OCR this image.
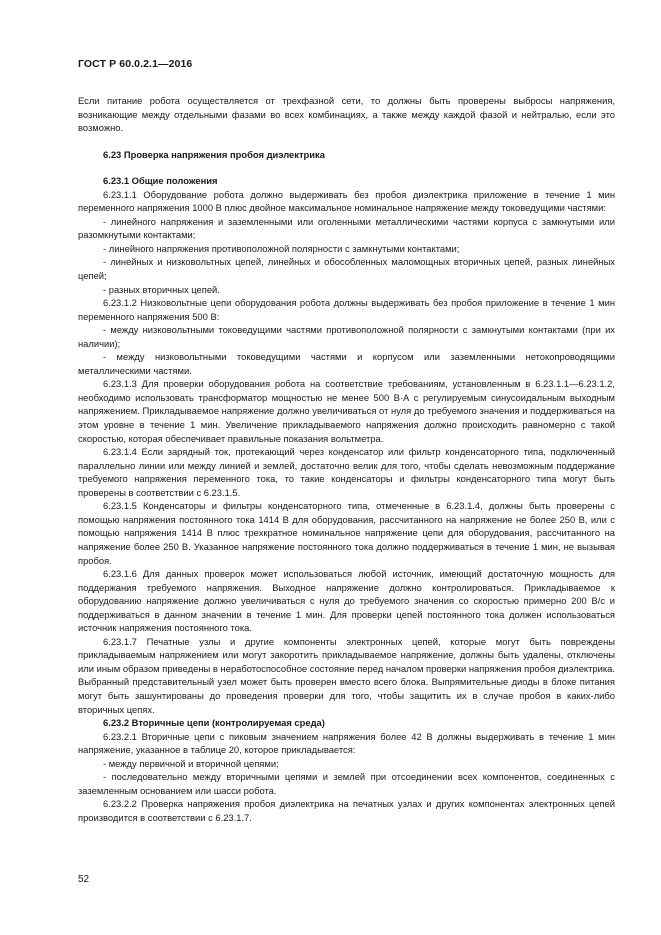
ГОСТ Р 60.0.2.1—2016

Если питание робота осуществляется от трехфазной сети, то должны быть проверены выбросы напряжения, возникающие между отдельными фазами во всех комбинациях, а также между каждой фазой и нейтралью, если это возможно.

6.23 Проверка напряжения пробоя диэлектрика

6.23.1 Общие положения

6.23.1.1 Оборудование робота должно выдерживать без пробоя диэлектрика приложение в течение 1 мин переменного напряжения 1000 В плюс двойное максимальное номинальное напряжение между токоведущими частями:

- линейного напряжения и заземленными или оголенными металлическими частями корпуса с замкнутыми или разомкнутыми контактами;

- линейного напряжения противоположной полярности с замкнутыми контактами;

- линейных и низковольтных цепей, линейных и обособленных маломощных вторичных цепей, разных линейных цепей;

- разных вторичных цепей.

6.23.1.2 Низковольтные цепи оборудования робота должны выдерживать без пробоя приложение в течение 1 мин переменного напряжения 500 В:

- между низковольтными токоведущими частями противоположной полярности с замкнутыми контактами (при их наличии);

- между низковольтными токоведущими частями и корпусом или заземленными нетокопроводящими металлическими частями.

6.23.1.3 Для проверки оборудования робота на соответствие требованиям, установленным в 6.23.1.1—6.23.1.2, необходимо использовать трансформатор мощностью не менее 500 В·А с регулируемым синусоидальным выходным напряжением. Прикладываемое напряжение должно увеличиваться от нуля до требуемого значения и поддерживаться на этом уровне в течение 1 мин. Увеличение прикладываемого напряжения должно происходить равномерно с такой скоростью, которая обеспечивает правильные показания вольтметра.

6.23.1.4 Если зарядный ток, протекающий через конденсатор или фильтр конденсаторного типа, подключенный параллельно линии или между линией и землей, достаточно велик для того, чтобы сделать невозможным поддержание требуемого напряжения переменного тока, то такие конденсаторы и фильтры конденсаторного типа могут быть проверены в соответствии с 6.23.1.5.

6.23.1.5 Конденсаторы и фильтры конденсаторного типа, отмеченные в 6.23.1.4, должны быть проверены с помощью напряжения постоянного тока 1414 В для оборудования, рассчитанного на напряжение не более 250 В, или с помощью напряжения 1414 В плюс трехкратное номинальное напряжение цепи для оборудования, рассчитанного на напряжение более 250 В. Указанное напряжение постоянного тока должно поддерживаться в течение 1 мин, не вызывая пробоя.

6.23.1.6 Для данных проверок может использоваться любой источник, имеющий достаточную мощность для поддержания требуемого напряжения. Выходное напряжение должно контролироваться. Прикладываемое к оборудованию напряжение должно увеличиваться с нуля до требуемого значения со скоростью примерно 200 В/с и поддерживаться в данном значении в течение 1 мин. Для проверки цепей постоянного тока должен использоваться источник напряжения постоянного тока.

6.23.1.7 Печатные узлы и другие компоненты электронных цепей, которые могут быть повреждены прикладываемым напряжением или могут закоротить прикладываемое напряжение, должны быть удалены, отключены или иным образом приведены в неработоспособное состояние перед началом проверки напряжения пробоя диэлектрика. Выбранный представительный узел может быть проверен вместо всего блока. Выпрямительные диоды в блоке питания могут быть зашунтированы до проведения проверки для того, чтобы защитить их в случае пробоя в каких-либо вторичных цепях.

6.23.2 Вторичные цепи (контролируемая среда)

6.23.2.1 Вторичные цепи с пиковым значением напряжения более 42 В должны выдерживать в течение 1 мин напряжение, указанное в таблице 20, которое прикладывается:

- между первичной и вторичной цепями;

- последовательно между вторичными цепями и землей при отсоединении всех компонентов, соединенных с заземленным основанием или шасси робота.

6.23.2.2 Проверка напряжения пробоя диэлектрика на печатных узлах и других компонентах электронных цепей производится в соответствии с 6.23.1.7.

52
